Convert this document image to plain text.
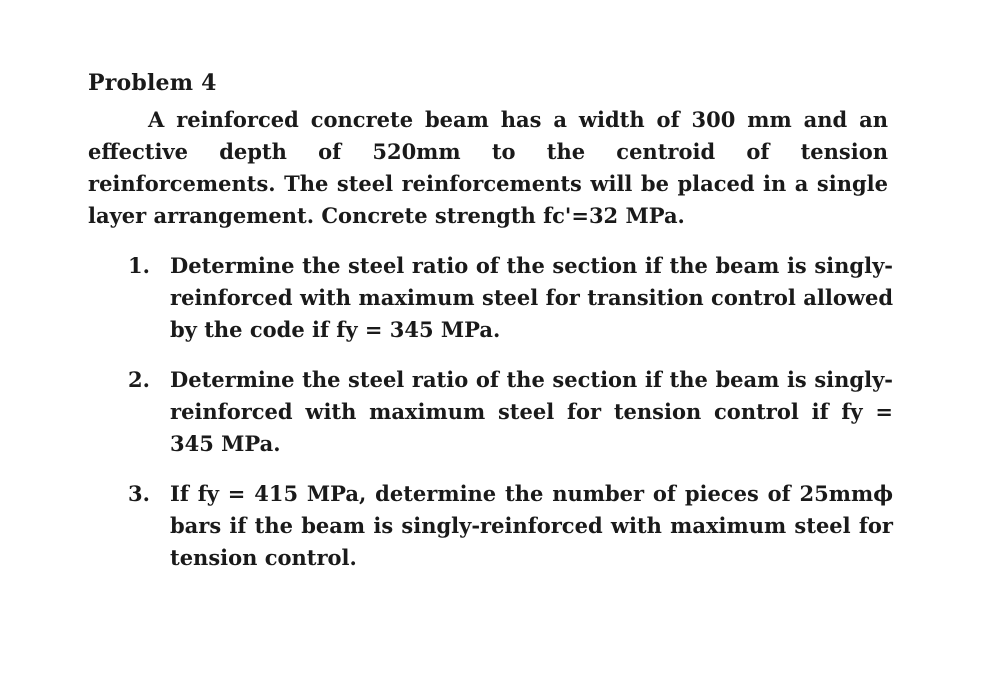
Problem 4
A reinforced concrete beam has a width of 300 mm and an effective depth of 520mm to the centroid of tension reinforcements. The steel reinforcements will be placed in a single layer arrangement. Concrete strength fc'=32 MPa.
1. Determine the steel ratio of the section if the beam is singly-reinforced with maximum steel for transition control allowed by the code if fy = 345 MPa.
2. Determine the steel ratio of the section if the beam is singly-reinforced with maximum steel for tension control if fy = 345 MPa.
3. If fy = 415 MPa, determine the number of pieces of 25mmϕ bars if the beam is singly-reinforced with maximum steel for tension control.
